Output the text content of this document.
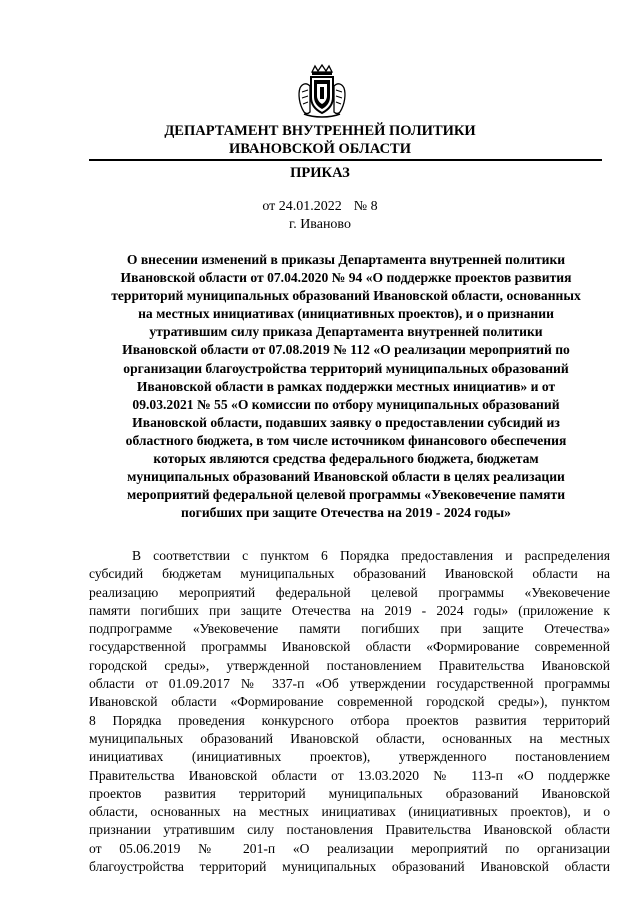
ДЕПАРТАМЕНТ ВНУТРЕННЕЙ ПОЛИТИКИ
ИВАНОВСКОЙ ОБЛАСТИ
ПРИКАЗ
от 24.01.2022 № 8
г. Иваново
О внесении изменений в приказы Департамента внутренней политики
Ивановской области от 07.04.2020 № 94 «О поддержке проектов развития
территорий муниципальных образований Ивановской области, основанных
на местных инициативах (инициативных проектов), и о признании
утратившим силу приказа Департамента внутренней политики
Ивановской области от 07.08.2019 № 112 «О реализации мероприятий по
организации благоустройства территорий муниципальных образований
Ивановской области в рамках поддержки местных инициатив» и от
09.03.2021 № 55 «О комиссии по отбору муниципальных образований
Ивановской области, подавших заявку о предоставлении субсидий из
областного бюджета, в том числе источником финансового обеспечения
которых являются средства федерального бюджета, бюджетам
муниципальных образований Ивановской области в целях реализации
мероприятий федеральной целевой программы «Увековечение памяти
погибших при защите Отечества на 2019 - 2024 годы»
В соответствии с пунктом 6 Порядка предоставления и распределения
субсидий бюджетам муниципальных образований Ивановской области на
реализацию мероприятий федеральной целевой программы «Увековечение
памяти погибших при защите Отечества на 2019 - 2024 годы» (приложение к
подпрограмме «Увековечение памяти погибших при защите Отечества»
государственной программы Ивановской области «Формирование современной
городской среды», утвержденной постановлением Правительства Ивановской
области от 01.09.2017 № 337-п «Об утверждении государственной программы
Ивановской области «Формирование современной городской среды»), пунктом
8 Порядка проведения конкурсного отбора проектов развития территорий
муниципальных образований Ивановской области, основанных на местных
инициативах (инициативных проектов), утвержденного постановлением
Правительства Ивановской области от 13.03.2020 № 113-п «О поддержке
проектов развития территорий муниципальных образований Ивановской
области, основанных на местных инициативах (инициативных проектов), и о
признании утратившим силу постановления Правительства Ивановской области
от 05.06.2019 № 201-п «О реализации мероприятий по организации
благоустройства территорий муниципальных образований Ивановской области
